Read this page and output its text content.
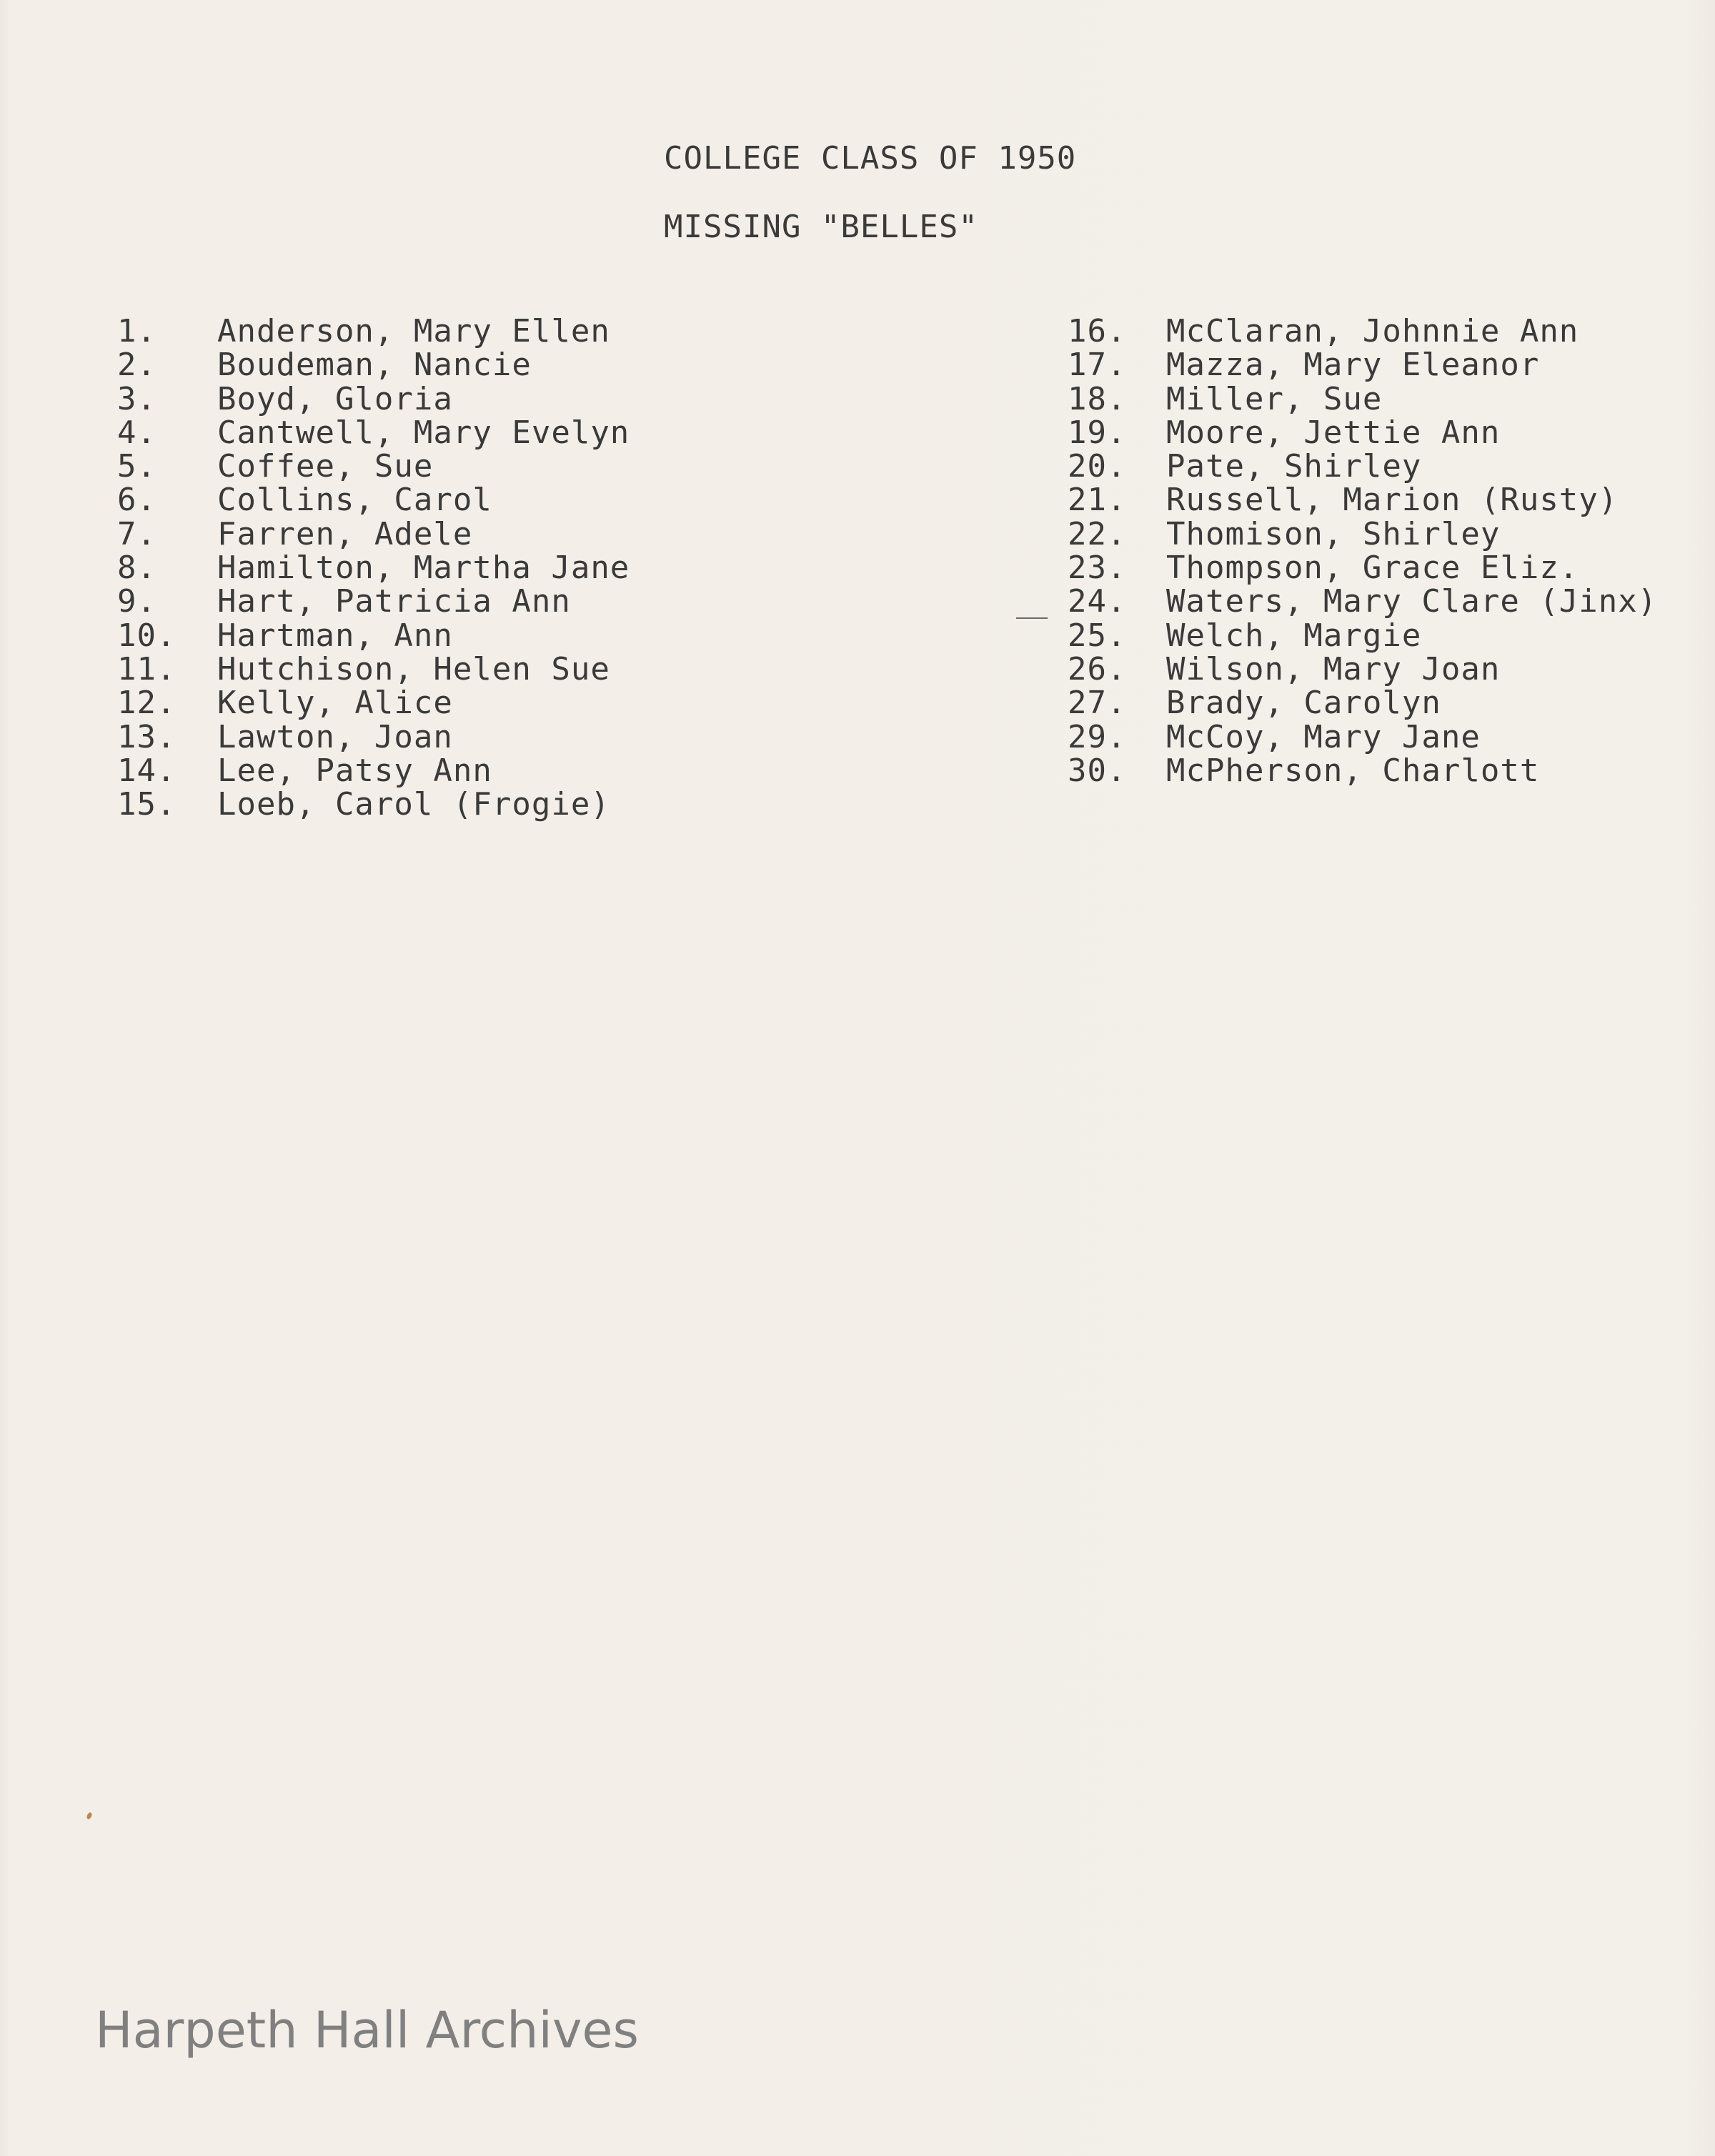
COLLEGE CLASS OF 1950
MISSING "BELLES"
1. Anderson, Mary Ellen
2. Boudeman, Nancie
3. Boyd, Gloria
4. Cantwell, Mary Evelyn
5. Coffee, Sue
6. Collins, Carol
7. Farren, Adele
8. Hamilton, Martha Jane
9. Hart, Patricia Ann
10. Hartman, Ann
11. Hutchison, Helen Sue
12. Kelly, Alice
13. Lawton, Joan
14. Lee, Patsy Ann
15. Loeb, Carol (Frogie)
16. McClaran, Johnnie Ann
17. Mazza, Mary Eleanor
18. Miller, Sue
19. Moore, Jettie Ann
20. Pate, Shirley
21. Russell, Marion (Rusty)
22. Thomison, Shirley
23. Thompson, Grace Eliz.
24. Waters, Mary Clare (Jinx)
25. Welch, Margie
26. Wilson, Mary Joan
27. Brady, Carolyn
29. McCoy, Mary Jane
30. McPherson, Charlott
Harpeth Hall Archives
